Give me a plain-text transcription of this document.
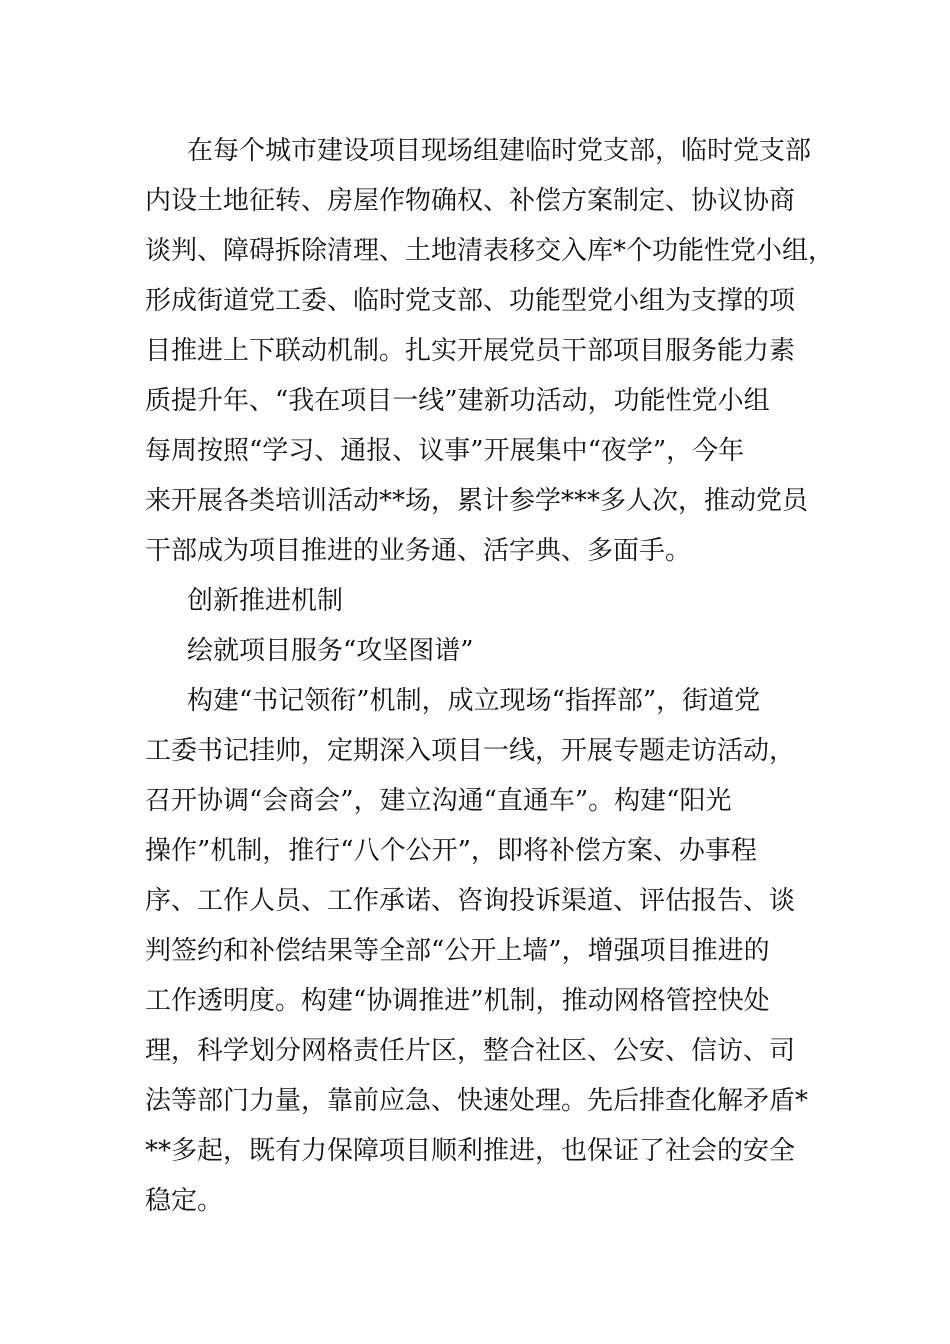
在每个城市建设项目现场组建临时党支部，临时党支部
内设土地征转、房屋作物确权、补偿方案制定、协议协商
谈判、障碍拆除清理、土地清表移交入库*个功能性党小组，
形成街道党工委、临时党支部、功能型党小组为支撑的项
目推进上下联动机制。扎实开展党员干部项目服务能力素
质提升年、“我在项目一线”建新功活动，功能性党小组
每周按照“学习、通报、议事”开展集中“夜学”，今年
来开展各类培训活动**场，累计参学***多人次，推动党员
干部成为项目推进的业务通、活字典、多面手。
创新推进机制
绘就项目服务“攻坚图谱”
构建“书记领衔”机制，成立现场“指挥部”，街道党
工委书记挂帅，定期深入项目一线，开展专题走访活动，
召开协调“会商会”，建立沟通“直通车”。构建“阳光
操作”机制，推行“八个公开”，即将补偿方案、办事程
序、工作人员、工作承诺、咨询投诉渠道、评估报告、谈
判签约和补偿结果等全部“公开上墙”，增强项目推进的
工作透明度。构建“协调推进”机制，推动网格管控快处
理，科学划分网格责任片区，整合社区、公安、信访、司
法等部门力量，靠前应急、快速处理。先后排查化解矛盾*
**多起，既有力保障项目顺利推进，也保证了社会的安全
稳定。
